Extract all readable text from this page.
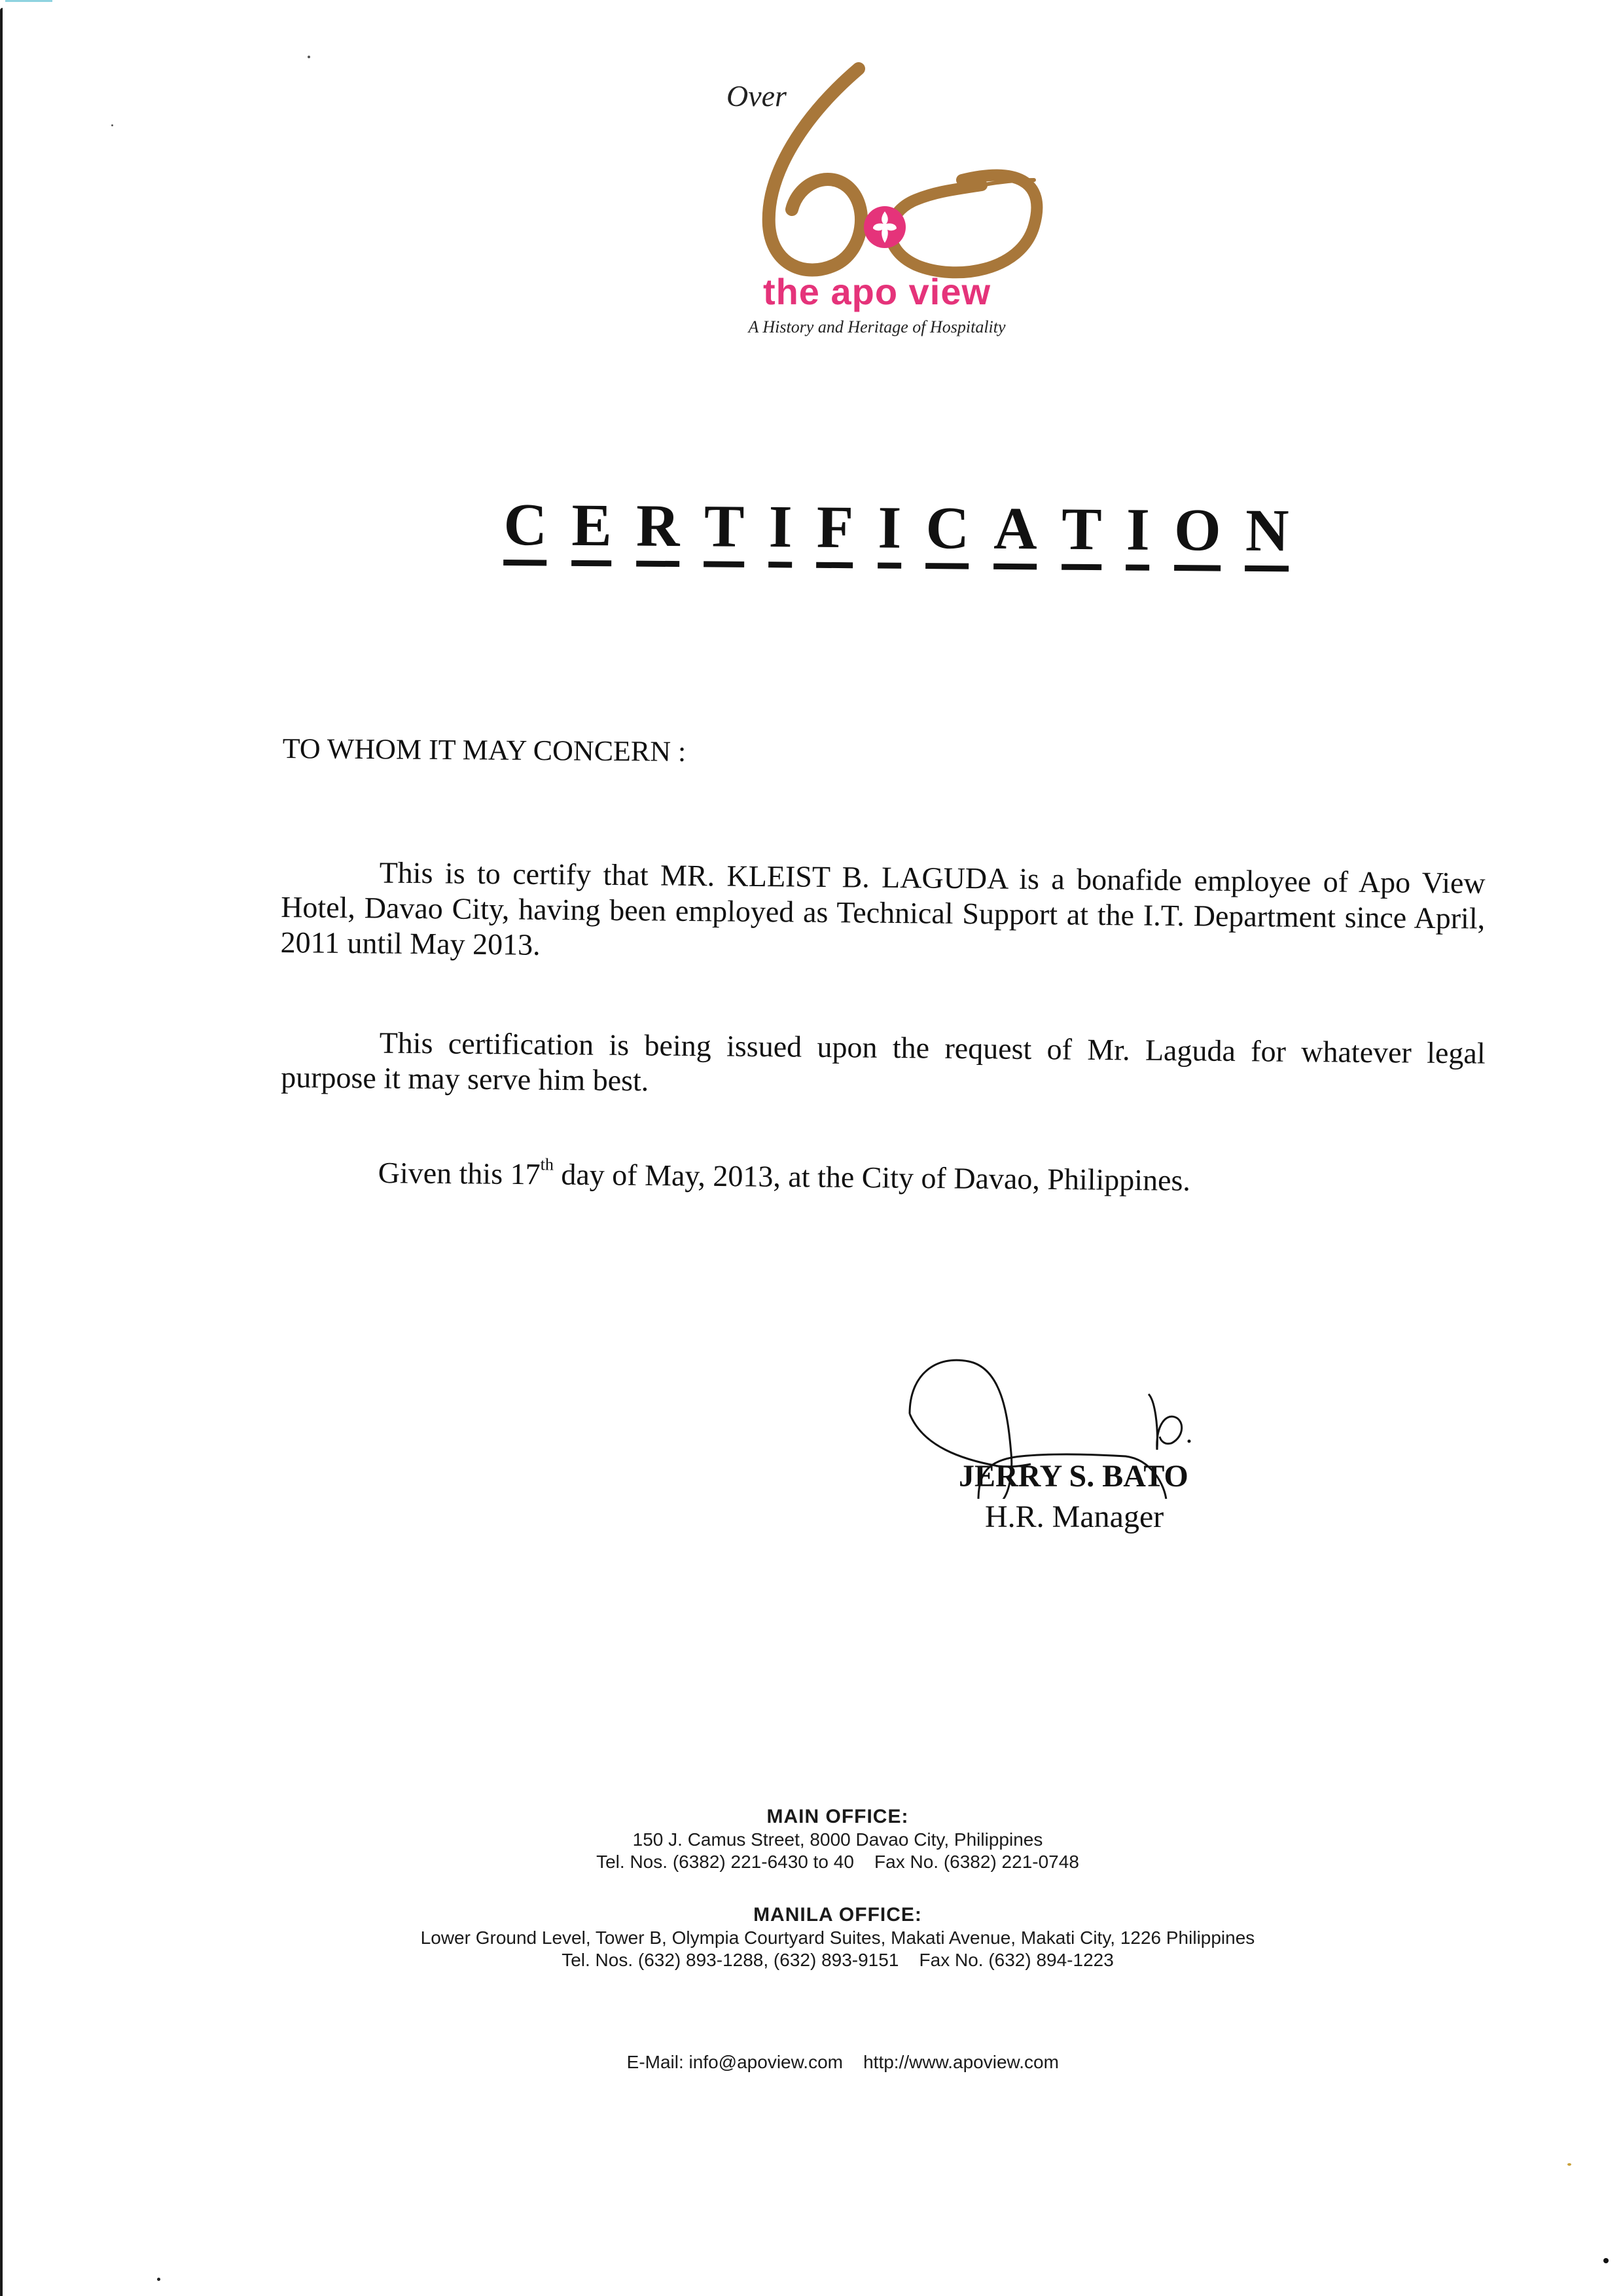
Over
the apo view
A History and Heritage of Hospitality
C E R T I F I C A T I O N
TO WHOM IT MAY CONCERN :
This is to certify that MR. KLEIST B. LAGUDA is a bonafide employee of Apo View Hotel, Davao City, having been employed as Technical Support at the I.T. Department since April, 2011 until May 2013.
This certification is being issued upon the request of Mr. Laguda for whatever legal purpose it may serve him best.
Given this 17th day of May, 2013, at the City of Davao, Philippines.
JERRY S. BATO
H.R. Manager
MAIN OFFICE:
150 J. Camus Street, 8000 Davao City, Philippines
Tel. Nos. (6382) 221-6430 to 40    Fax No. (6382) 221-0748
MANILA OFFICE:
Lower Ground Level, Tower B, Olympia Courtyard Suites, Makati Avenue, Makati City, 1226 Philippines
Tel. Nos. (632) 893-1288, (632) 893-9151    Fax No. (632) 894-1223

E-Mail: info@apoview.com http://www.apoview.com
